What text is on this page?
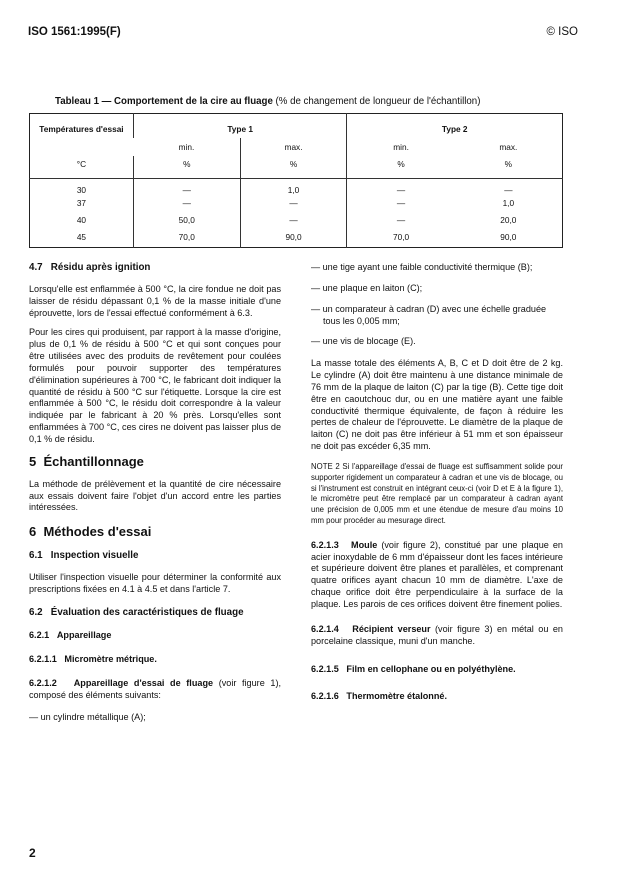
ISO 1561:1995(F)	© ISO
Tableau 1 — Comportement de la cire au fluage (% de changement de longueur de l'échantillon)
Températures d'essai	Type 1		Type 2	
	min.	max.	min.	max.
°C	%	%	%	%
30	—	1,0	—	—
37	—	—	—	1,0
40	50,0	—	—	20,0
45	70,0	90,0	70,0	90,0

4.7 Résidu après ignition

Lorsqu'elle est enflammée à 500 °C, la cire fondue ne doit pas laisser de résidu dépassant 0,1 % de la masse initiale d'une éprouvette, lors de l'essai effectué conformément à 6.3.

Pour les cires qui produisent, par rapport à la masse d'origine, plus de 0,1 % de résidu à 500 °C et qui sont conçues pour être utilisées avec des produits de revêtement pour coulées formulés pour pouvoir supporter des températures d'élimination supérieures à 700 °C, le fabricant doit indiquer la quantité de résidu à 500 °C sur l'étiquette. Lorsque la cire est enflammée à 500 °C, le résidu doit correspondre à la valeur indiquée par le fabricant à 20 % près. Lorsqu'elles sont enflammées à 700 °C, ces cires ne doivent pas laisser plus de 0,1 % de résidu.

5 Échantillonnage

La méthode de prélèvement et la quantité de cire nécessaire aux essais doivent faire l'objet d'un accord entre les parties intéressées.

6 Méthodes d'essai

6.1 Inspection visuelle

Utiliser l'inspection visuelle pour déterminer la conformité aux prescriptions fixées en 4.1 à 4.5 et dans l'article 7.

6.2 Évaluation des caractéristiques de fluage

6.2.1 Appareillage

6.2.1.1 Micromètre métrique.

6.2.1.2 Appareillage d'essai de fluage (voir figure 1), composé des éléments suivants:

— un cylindre métallique (A);

— une tige ayant une faible conductivité thermique (B);

— une plaque en laiton (C);

— un comparateur à cadran (D) avec une échelle graduée tous les 0,005 mm;

— une vis de blocage (E).

La masse totale des éléments A, B, C et D doit être de 2 kg. Le cylindre (A) doit être maintenu à une distance minimale de 76 mm de la plaque de laiton (C) par la tige (B). Cette tige doit être en caoutchouc dur, ou en une matière ayant une faible conductivité thermique équivalente, de façon à réduire les pertes de chaleur de l'éprouvette. Le diamètre de la plaque de laiton (C) ne doit pas être inférieur à 51 mm et son épaisseur ne doit pas excéder 6,35 mm.

NOTE 2 Si l'appareillage d'essai de fluage est suffisamment solide pour supporter rigidement un comparateur à cadran et une vis de blocage, ou si l'instrument est construit en intégrant ceux-ci (voir D et E à la figure 1), le micromètre peut être remplacé par un comparateur à cadran ayant une précision de 0,005 mm et une étendue de mesure d'au moins 10 mm pour procéder au mesurage direct.

6.2.1.3 Moule (voir figure 2), constitué par une plaque en acier inoxydable de 6 mm d'épaisseur dont les faces intérieure et supérieure doivent être planes et parallèles, et comprenant quatre orifices ayant chacun 10 mm de diamètre. L'axe de chaque orifice doit être perpendiculaire à la surface de la plaque. Les parois de ces orifices doivent être finement polies.

6.2.1.4 Récipient verseur (voir figure 3) en métal ou en porcelaine classique, muni d'un manche.

6.2.1.5 Film en cellophane ou en polyéthylène.

6.2.1.6 Thermomètre étalonné.

2
